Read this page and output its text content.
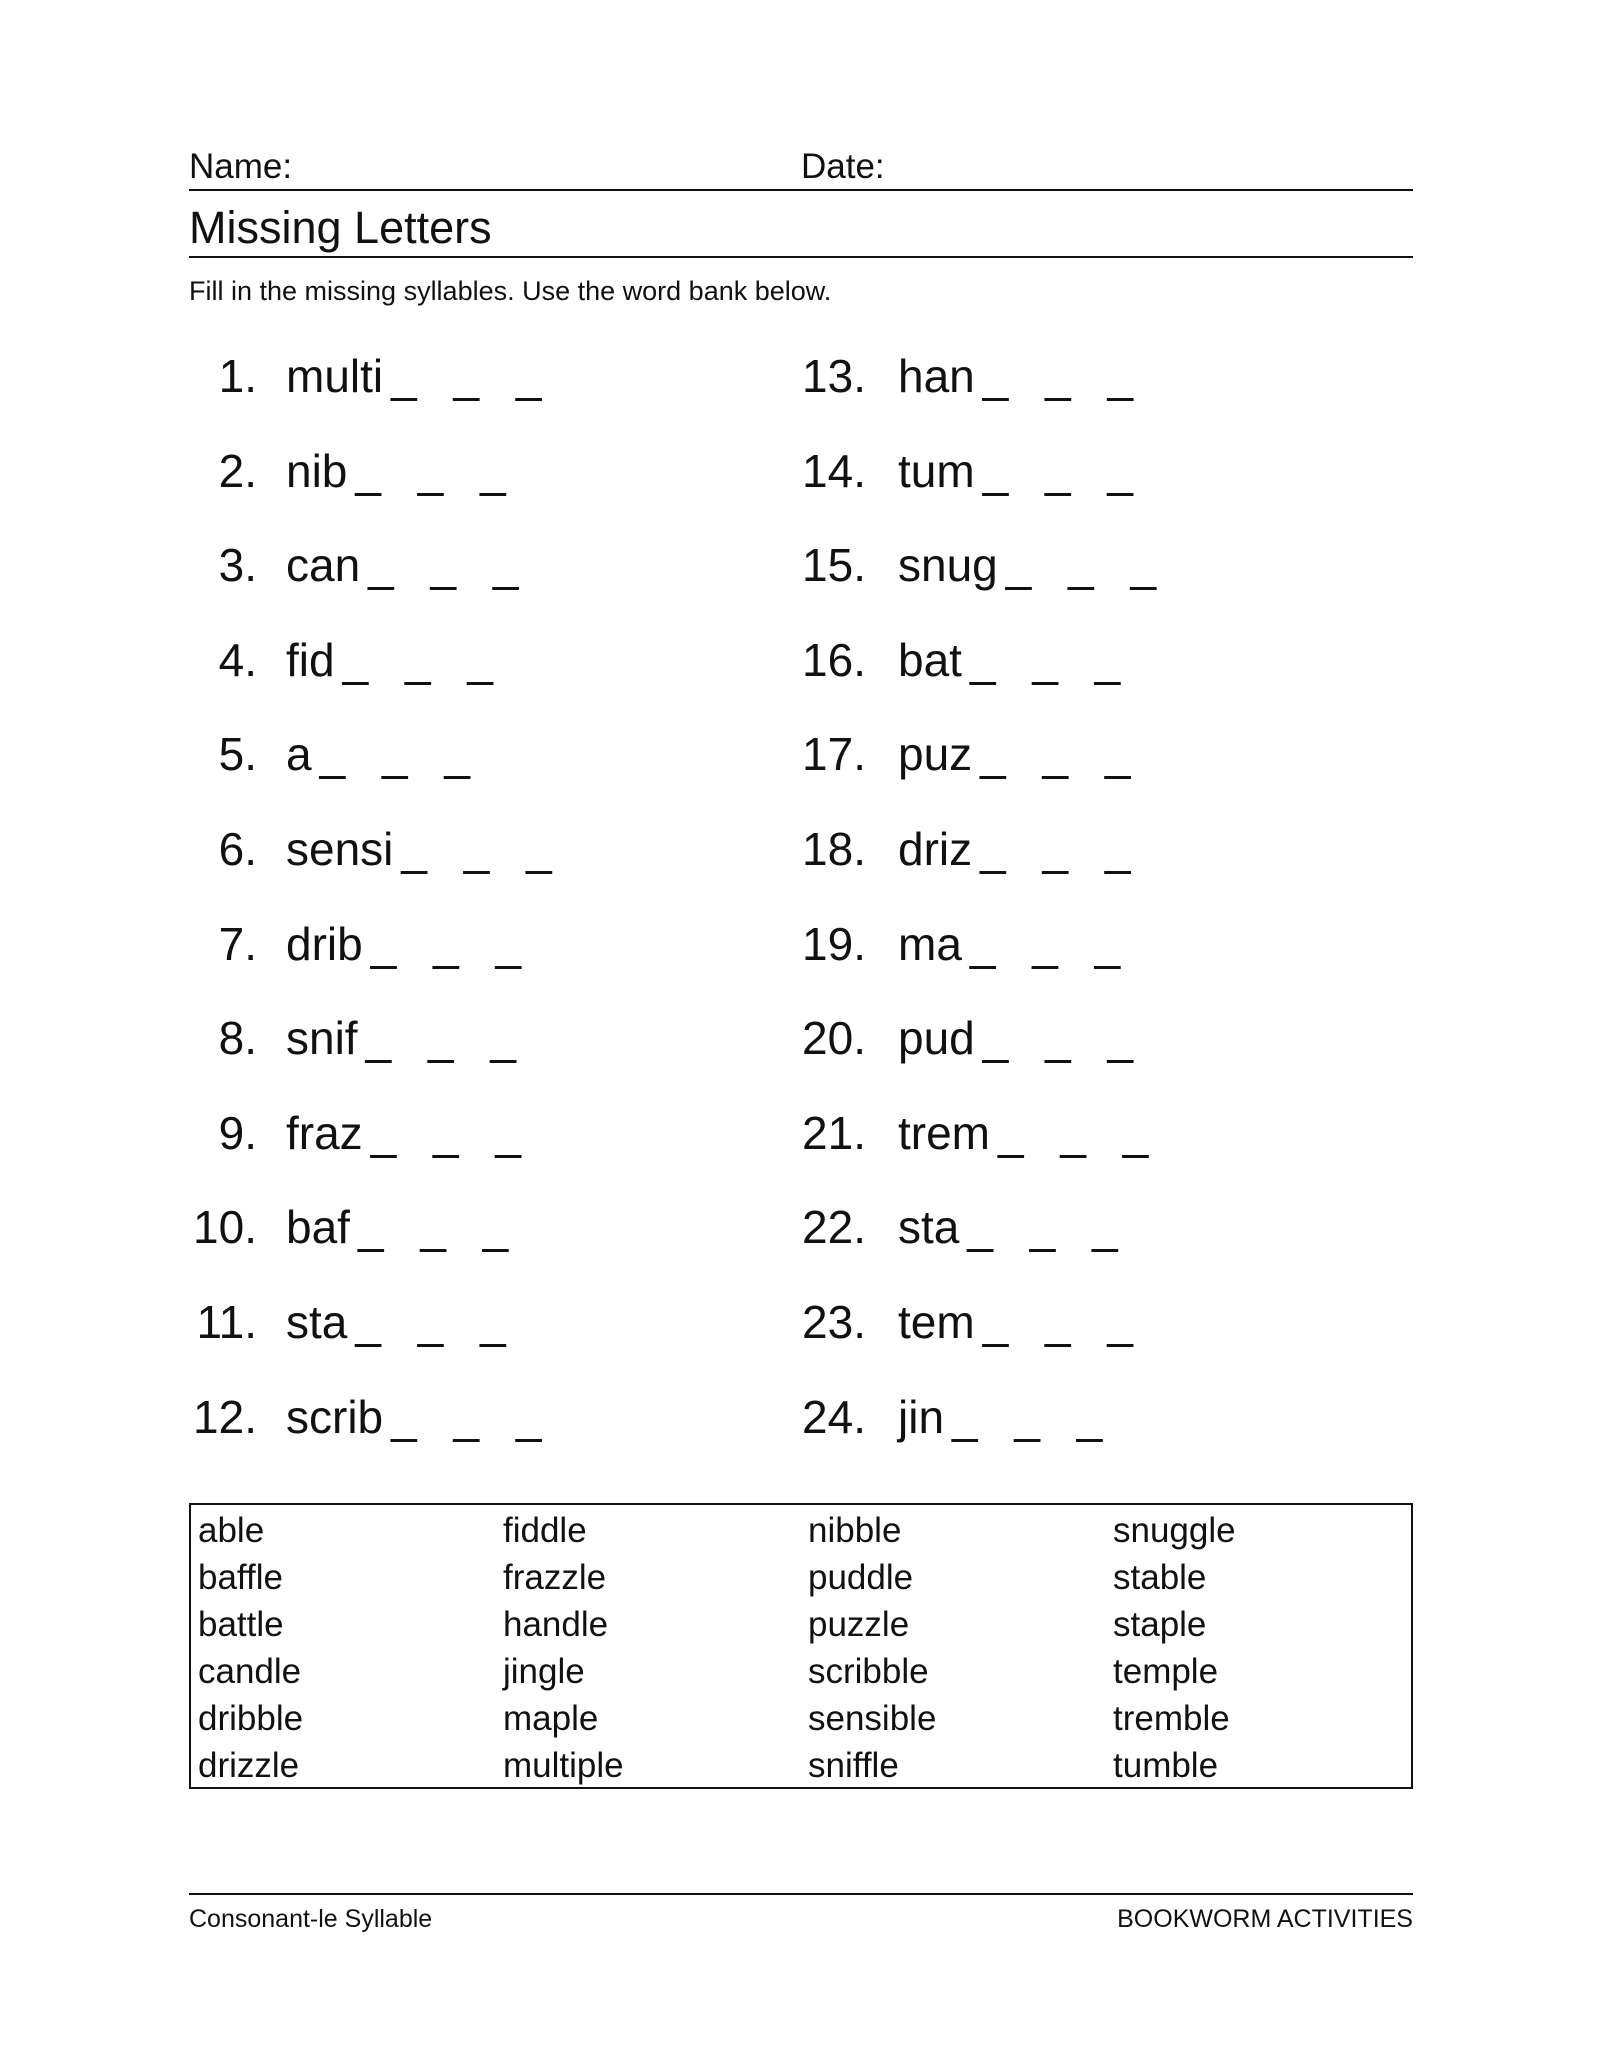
Name:	Date:
Missing Letters
Fill in the missing syllables. Use the word bank below.
1. multi _ _ _
2. nib _ _ _
3. can _ _ _
4. fid _ _ _
5. a _ _ _
6. sensi _ _ _
7. drib _ _ _
8. snif _ _ _
9. fraz _ _ _
10. baf _ _ _
11. sta _ _ _
12. scrib _ _ _
13. han _ _ _
14. tum _ _ _
15. snug _ _ _
16. bat _ _ _
17. puz _ _ _
18. driz _ _ _
19. ma _ _ _
20. pud _ _ _
21. trem _ _ _
22. sta _ _ _
23. tem _ _ _
24. jin _ _ _
able
baffle
battle
candle
dribble
drizzle
fiddle
frazzle
handle
jingle
maple
multiple
nibble
puddle
puzzle
scribble
sensible
sniffle
snuggle
stable
staple
temple
tremble
tumble
Consonant-le Syllable	BOOKWORM ACTIVITIES
